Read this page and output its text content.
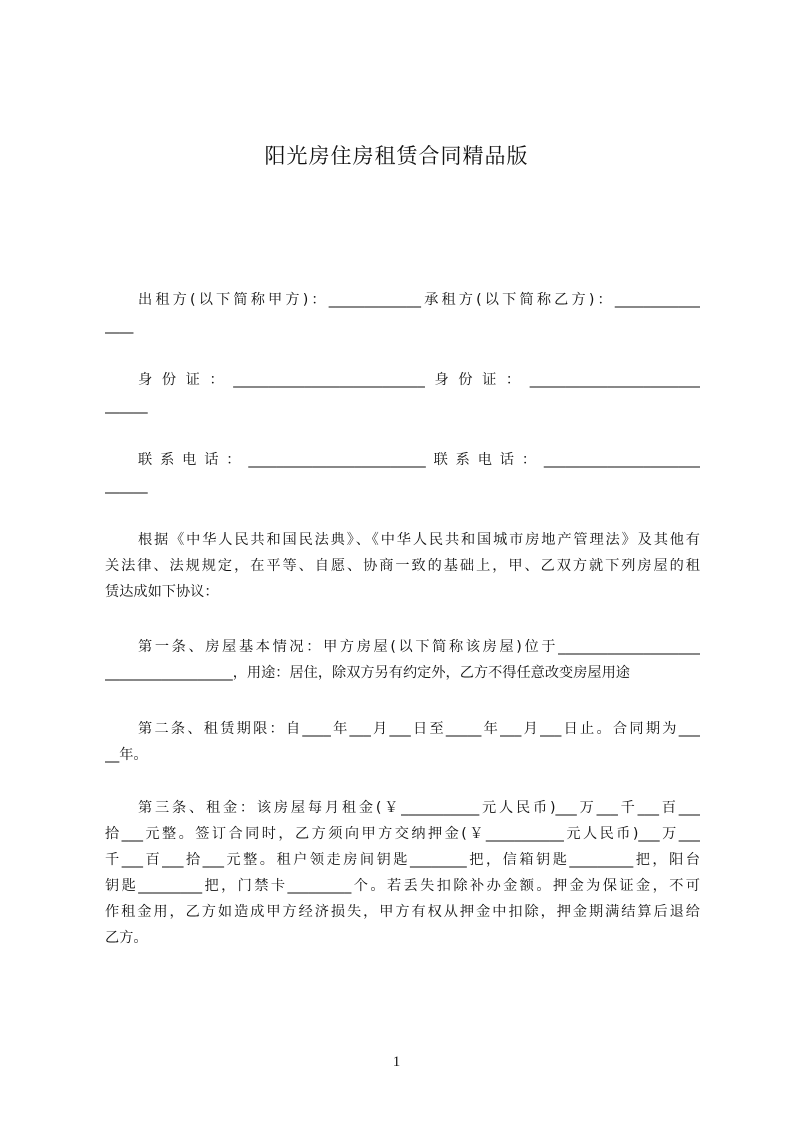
阳光房住房租赁合同精品版
出租方(以下简称甲方)：_____________承租方(以下简称乙方)：____________
____
身份证：___________________________身份证：________________________
______
联系电话：_________________________联系电话：______________________
______
根据《中华人民共和国民法典》、《中华人民共和国城市房地产管理法》及其他有
关法律、法规规定，在平等、自愿、协商一致的基础上，甲、乙双方就下列房屋的租
赁达成如下协议：
第一条、房屋基本情况：甲方房屋(以下简称该房屋)位于____________________
__________________，用途：居住，除双方另有约定外，乙方不得任意改变房屋用途
第二条、租赁期限：自____年___月___日至_____年___月___日止。合同期为___
__年。
第三条、租金：该房屋每月租金(￥___________元人民币)___万___千___百___
拾___元整。签订合同时，乙方须向甲方交纳押金(￥___________元人民币)___万___
千___百___拾___元整。租户领走房间钥匙________把，信箱钥匙_________把，阳台
钥匙_________把，门禁卡_________个。若丢失扣除补办金额。押金为保证金，不可
作租金用，乙方如造成甲方经济损失，甲方有权从押金中扣除，押金期满结算后退给
乙方。
1
